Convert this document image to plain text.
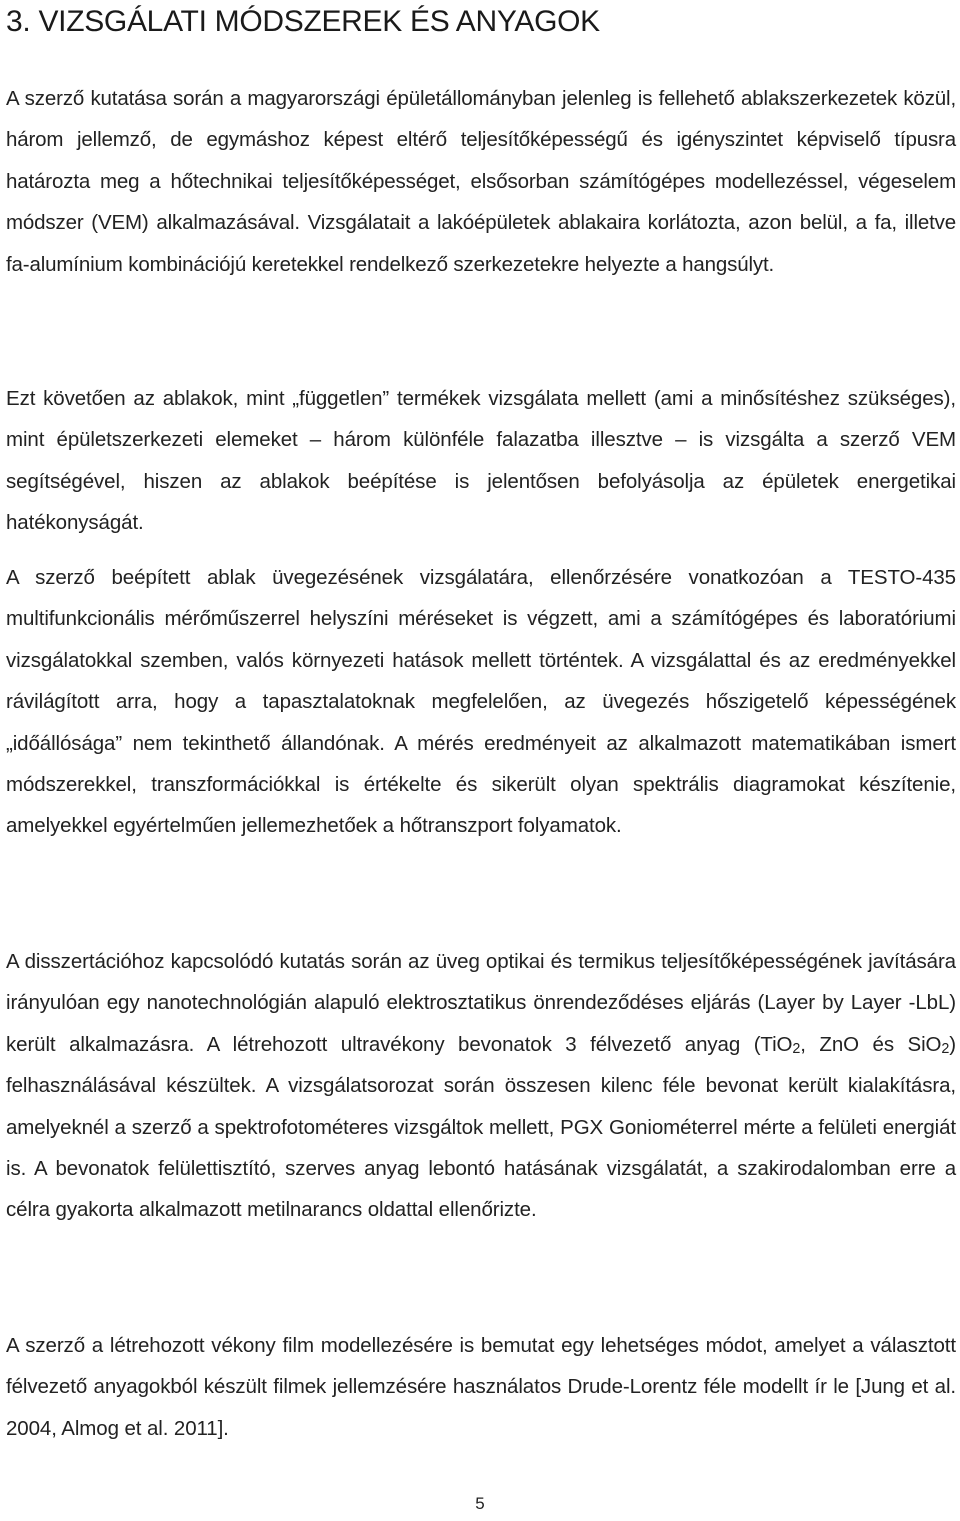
3. VIZSGÁLATI MÓDSZEREK ÉS ANYAGOK

A szerző kutatása során a magyarországi épületállományban jelenleg is fellehető ablakszerkezetek közül, három jellemző, de egymáshoz képest eltérő teljesítőképességű és igényszintet képviselő típusra határozta meg a hőtechnikai teljesítőképességet, elsősorban számítógépes modellezéssel, végeselem módszer (VEM) alkalmazásával. Vizsgálatait a lakóépületek ablakaira korlátozta, azon belül, a fa, illetve fa-alumínium kombinációjú keretekkel rendelkező szerkezetekre helyezte a hangsúlyt.

Ezt követően az ablakok, mint „független” termékek vizsgálata mellett (ami a minősítéshez szükséges), mint épületszerkezeti elemeket – három különféle falazatba illesztve – is vizsgálta a szerző VEM segítségével, hiszen az ablakok beépítése is jelentősen befolyásolja az épületek energetikai hatékonyságát.

A szerző beépített ablak üvegezésének vizsgálatára, ellenőrzésére vonatkozóan a TESTO-435 multifunkcionális mérőműszerrel helyszíni méréseket is végzett, ami a számítógépes és laboratóriumi vizsgálatokkal szemben, valós környezeti hatások mellett történtek. A vizsgálattal és az eredményekkel rávilágított arra, hogy a tapasztalatoknak megfelelően, az üvegezés hőszigetelő képességének „időállósága” nem tekinthető állandónak. A mérés eredményeit az alkalmazott matematikában ismert módszerekkel, transzformációkkal is értékelte és sikerült olyan spektrális diagramokat készítenie, amelyekkel egyértelműen jellemezhetőek a hőtranszport folyamatok.

A disszertációhoz kapcsolódó kutatás során az üveg optikai és termikus teljesítőképességének javítására irányulóan egy nanotechnológián alapuló elektrosztatikus önrendeződéses eljárás (Layer by Layer -LbL) került alkalmazásra. A létrehozott ultravékony bevonatok 3 félvezető anyag (TiO2, ZnO és SiO2) felhasználásával készültek. A vizsgálatsorozat során összesen kilenc féle bevonat került kialakításra, amelyeknél a szerző a spektrofotométeres vizsgáltok mellett, PGX Goniométerrel mérte a felületi energiát is. A bevonatok felülettisztító, szerves anyag lebontó hatásának vizsgálatát, a szakirodalomban erre a célra gyakorta alkalmazott metilnarancs oldattal ellenőrizte.

A szerző a létrehozott vékony film modellezésére is bemutat egy lehetséges módot, amelyet a választott félvezető anyagokból készült filmek jellemzésére használatos Drude-Lorentz féle modellt ír le [Jung et al. 2004, Almog et al. 2011].

5
